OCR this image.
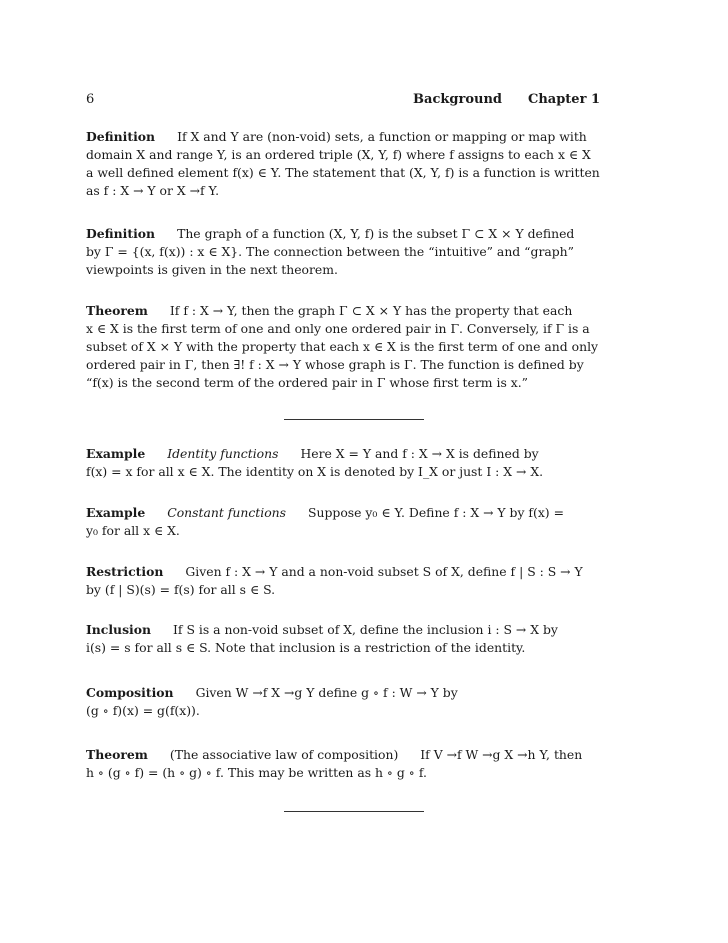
6	Background Chapter 1
Definition If X and Y are (non-void) sets, a function or mapping or map with
domain X and range Y, is an ordered triple (X, Y, f) where f assigns to each x ∈ X
a well defined element f(x) ∈ Y. The statement that (X, Y, f) is a function is written
as f : X → Y or X →f Y.
Definition The graph of a function (X, Y, f) is the subset Γ ⊂ X × Y defined
by Γ = {(x, f(x)) : x ∈ X}. The connection between the “intuitive” and “graph”
viewpoints is given in the next theorem.
Theorem If f : X → Y, then the graph Γ ⊂ X × Y has the property that each
x ∈ X is the first term of one and only one ordered pair in Γ. Conversely, if Γ is a
subset of X × Y with the property that each x ∈ X is the first term of one and only
ordered pair in Γ, then ∃! f : X → Y whose graph is Γ. The function is defined by
“f(x) is the second term of the ordered pair in Γ whose first term is x.”
Example Identity functions Here X = Y and f : X → X is defined by
f(x) = x for all x ∈ X. The identity on X is denoted by I_X or just I : X → X.
Example Constant functions Suppose y₀ ∈ Y. Define f : X → Y by f(x) =
y₀ for all x ∈ X.
Restriction Given f : X → Y and a non-void subset S of X, define f | S : S → Y
by (f | S)(s) = f(s) for all s ∈ S.
Inclusion If S is a non-void subset of X, define the inclusion i : S → X by
i(s) = s for all s ∈ S. Note that inclusion is a restriction of the identity.
Composition Given W →f X →g Y define g ∘ f : W → Y by
(g ∘ f)(x) = g(f(x)).
Theorem (The associative law of composition) If V →f W →g X →h Y, then
h ∘ (g ∘ f) = (h ∘ g) ∘ f. This may be written as h ∘ g ∘ f.
